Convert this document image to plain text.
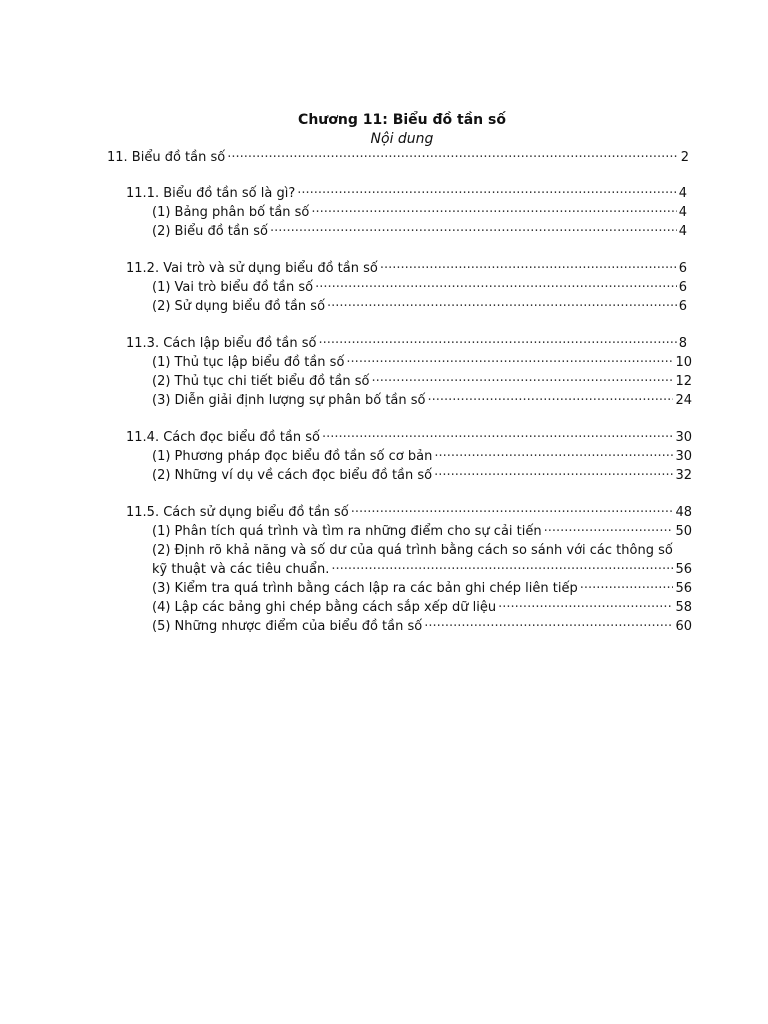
Chương 11: Biểu đồ tần số
Nội dung
11. Biểu đồ tần số ·····	2
11.1. Biểu đồ tần số là gì? ·····	4
(1) Bảng phân bố tần số ·····	4
(2) Biểu đồ tần số ·····	4
11.2. Vai trò và sử dụng biểu đồ tần số ·····	6
(1) Vai trò biểu đồ tần số ·····	6
(2) Sử dụng biểu đồ tần số ·····	6
11.3. Cách lập biểu đồ tần số ·····	8
(1) Thủ tục lập biểu đồ tần số ·····	10
(2) Thủ tục chi tiết biểu đồ tần số ·····	12
(3) Diễn giải định lượng sự phân bố tần số ·····	24
11.4. Cách đọc biểu đồ tần số ·····	30
(1) Phương pháp đọc biểu đồ tần số cơ bản ·····	30
(2) Những ví dụ về cách đọc biểu đồ tần số ·····	32
11.5. Cách sử dụng biểu đồ tần số ·····	48
(1) Phân tích quá trình và tìm ra những điểm cho sự cải tiến ·····	50
(2) Định rõ khả năng và số dư của quá trình bằng cách so sánh với các thông số
kỹ thuật và các tiêu chuẩn. ·····	56
(3) Kiểm tra quá trình bằng cách lập ra các bản ghi chép liên tiếp ·····	56
(4) Lập các bảng ghi chép bằng cách sắp xếp dữ liệu ·····	58
(5) Những nhược điểm của biểu đồ tần số ·····	60
